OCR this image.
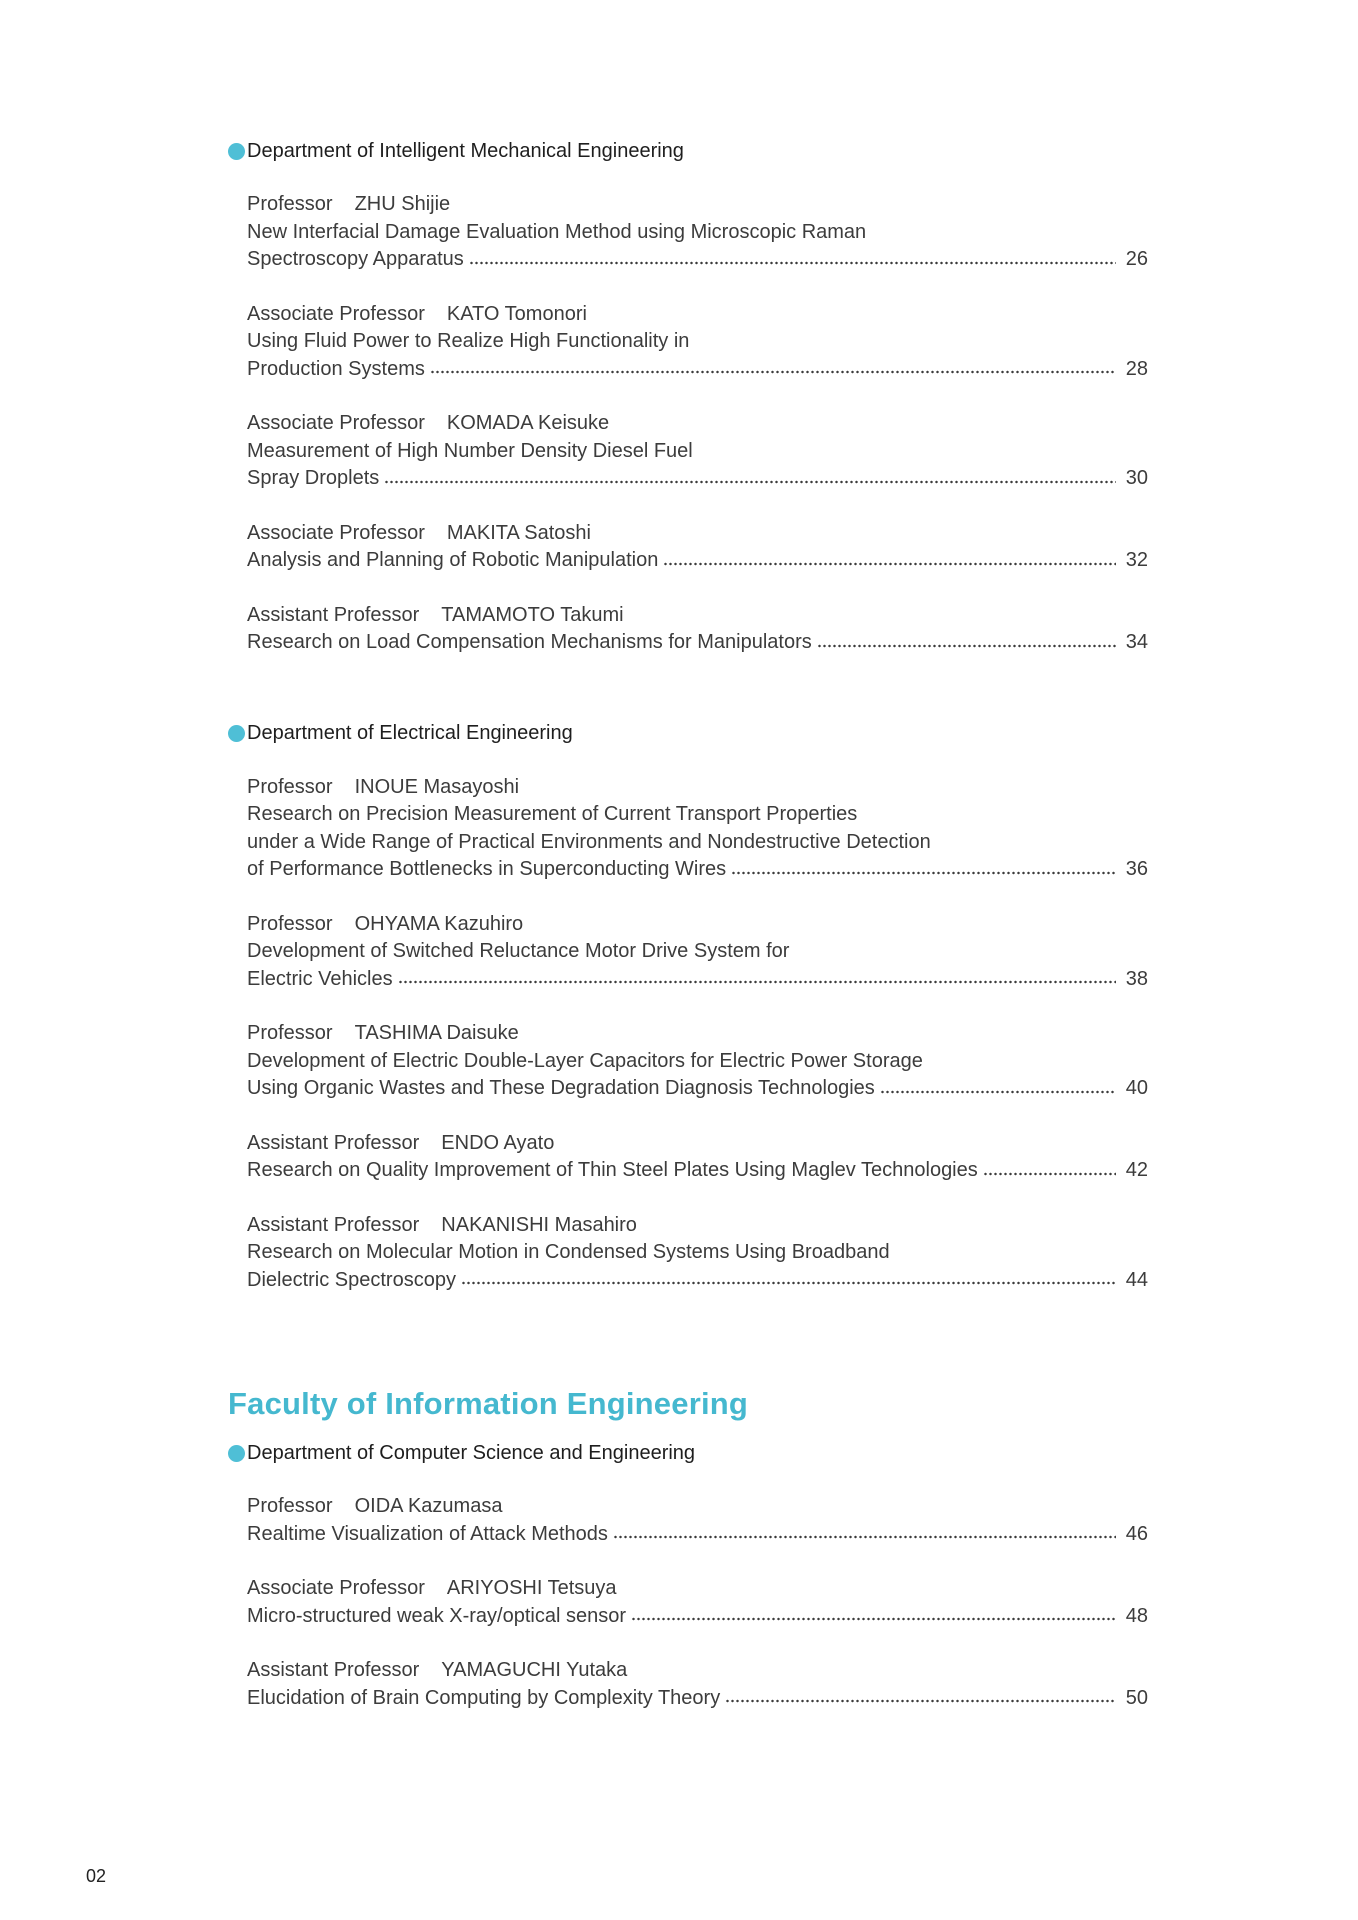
Department of Intelligent Mechanical Engineering
Professor ZHU Shijie
New Interfacial Damage Evaluation Method using Microscopic Raman
Spectroscopy Apparatus	26
Associate Professor KATO Tomonori
Using Fluid Power to Realize High Functionality in
Production Systems	28
Associate Professor KOMADA Keisuke
Measurement of High Number Density Diesel Fuel
Spray Droplets	30
Associate Professor MAKITA Satoshi
Analysis and Planning of Robotic Manipulation	32
Assistant Professor TAMAMOTO Takumi
Research on Load Compensation Mechanisms for Manipulators	34
Department of Electrical Engineering
Professor INOUE Masayoshi
Research on Precision Measurement of Current Transport Properties
under a Wide Range of Practical Environments and Nondestructive Detection
of Performance Bottlenecks in Superconducting Wires	36
Professor OHYAMA Kazuhiro
Development of Switched Reluctance Motor Drive System for
Electric Vehicles	38
Professor TASHIMA Daisuke
Development of Electric Double-Layer Capacitors for Electric Power Storage
Using Organic Wastes and These Degradation Diagnosis Technologies	40
Assistant Professor ENDO Ayato
Research on Quality Improvement of Thin Steel Plates Using Maglev Technologies	42
Assistant Professor NAKANISHI Masahiro
Research on Molecular Motion in Condensed Systems Using Broadband
Dielectric Spectroscopy	44
Faculty of Information Engineering
Department of Computer Science and Engineering
Professor OIDA Kazumasa
Realtime Visualization of Attack Methods	46
Associate Professor ARIYOSHI Tetsuya
Micro-structured weak X-ray/optical sensor	48
Assistant Professor YAMAGUCHI Yutaka
Elucidation of Brain Computing by Complexity Theory	50
02
